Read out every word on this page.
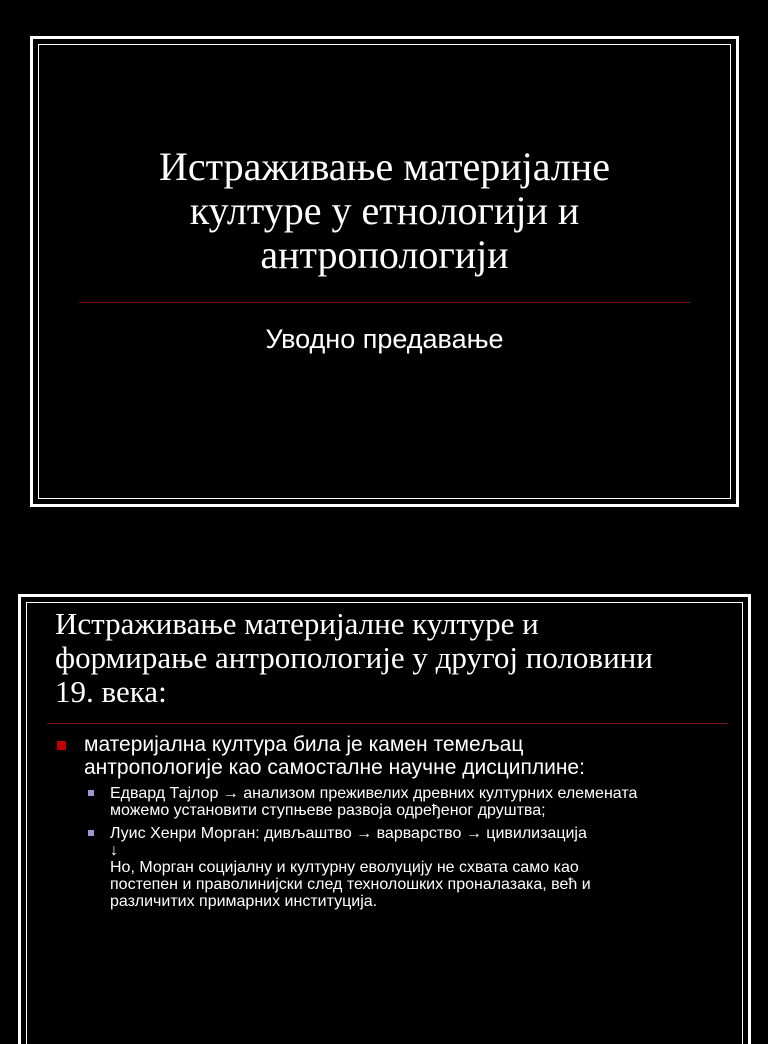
Истраживање материјалне
културе у етнологији и
антропологији
Уводно предавање
Истраживање материјалне културе и
формирање антропологије у другој половини
19. века:
материјална култура била је камен темељац
антропологије као самосталне научне дисциплине:
Едвард Тајлор → анализом преживелих древних културних елемената
можемо установити ступњеве развоја одређеног друштва;
Луис Хенри Морган: дивљаштво → варварство → цивилизација
↓
Но, Морган социјалну и културну еволуцију не схвата само као
постепен и праволинијски след технолошких проналазака, већ и
различитих примарних институција.
